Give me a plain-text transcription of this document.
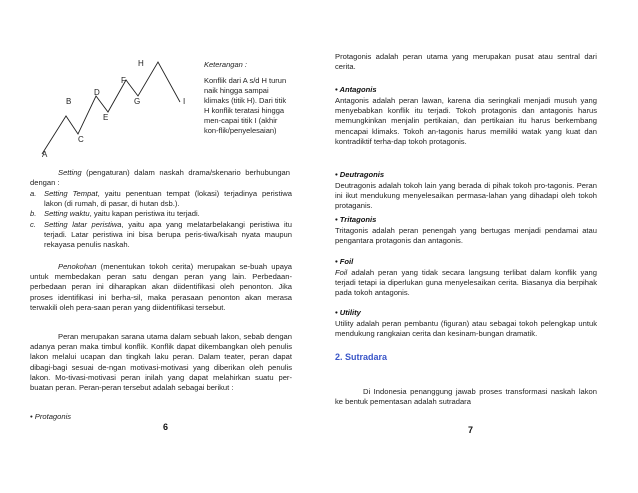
A
B
C
D
E
F
G
H
I
Keterangan :
Konflik dari A s/d H turun naik hingga sampai klimaks (titik H). Dari titik H konflik teratasi hingga men-capai titik I (akhir kon-flik/penyelesaian)
Setting (pengaturan) dalam naskah drama/skenario berhubungan dengan :
a.	Setting Tempat, yaitu penentuan tempat (lokasi) terjadinya peristiwa lakon (di rumah, di pasar, di hutan dsb.).
b.	Setting waktu, yaitu kapan peristiwa itu terjadi.
c.	Setting latar peristiwa, yaitu apa yang melatarbelakangi peristiwa itu terjadi. Latar peristiwa ini bisa berupa peris-tiwa/kisah nyata maupun rekayasa penulis naskah.
Penokohan (menentukan tokoh cerita) merupakan se-buah upaya untuk membedakan peran satu dengan peran yang lain. Perbedaan-perbedaan peran ini diharapkan akan diidentifikasi oleh penonton. Jika proses identifikasi ini berha-sil, maka perasaan penonton akan merasa terwakili oleh pera-saan peran yang diidentifikasi tersebut.
Peran merupakan sarana utama dalam sebuah lakon, sebab dengan adanya peran maka timbul konflik. Konflik dapat dikembangkan oleh penulis lakon melalui ucapan dan tingkah laku peran. Dalam teater, peran dapat dibagi-bagi sesuai de-ngan motivasi-motivasi yang diberikan oleh penulis lakon. Mo-tivasi-motivasi peran inilah yang dapat melahirkan suatu per-buatan peran. Peran-peran tersebut adalah sebagai berikut :
• Protagonis
6
Protagonis adalah peran utama yang merupakan pusat atau sentral dari cerita.
• Antagonis
Antagonis adalah peran lawan, karena dia seringkali menjadi musuh yang menyebabkan konflik itu terjadi. Tokoh protagonis dan antagonis harus memungkinkan menjalin pertikaian, dan pertikaian itu harus berkembang mencapai klimaks. Tokoh an-tagonis harus memiliki watak yang kuat dan kontradiktif terha-dap tokoh protagonis.
• Deutragonis
Deutragonis adalah tokoh lain yang berada di pihak tokoh pro-tagonis. Peran ini ikut mendukung menyelesaikan permasa-lahan yang dihadapi oleh tokoh protaganis.
• Tritagonis
Tritagonis adalah peran penengah yang bertugas menjadi pendamai atau pengantara protagonis dan antagonis.
• Foil
Foil adalah peran yang tidak secara langsung terlibat dalam konflik yang terjadi tetapi ia diperlukan guna menyelesaikan cerita. Biasanya dia berpihak pada tokoh antagonis.
• Utility
Utility adalah peran pembantu (figuran) atau sebagai tokoh pelengkap untuk mendukung rangkaian cerita dan kesinam-bungan dramatik.
2. Sutradara
Di Indonesia penanggung jawab proses transformasi naskah lakon ke bentuk pementasan adalah sutradara
7
